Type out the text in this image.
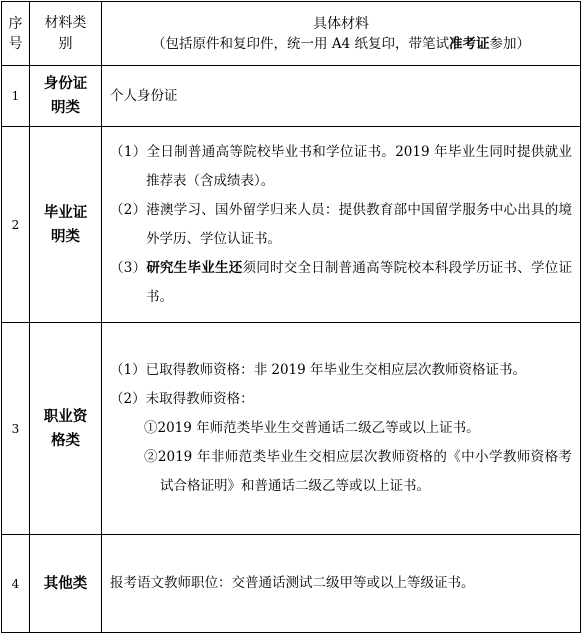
序号	材料类别	具体材料
（包括原件和复印件，统一用 A4 纸复印，带笔试准考证参加）

1	身份证明类	个人身份证

2	毕业证明类	（1）全日制普通高等院校毕业书和学位证书。2019 年毕业生同时提供就业推荐表（含成绩表）。
（2）港澳学习、国外留学归来人员：提供教育部中国留学服务中心出具的境外学历、学位认证书。
（3）研究生毕业生还须同时交全日制普通高等院校本科段学历证书、学位证书。

3	职业资格类	（1）已取得教师资格：非 2019 年毕业生交相应层次教师资格证书。
（2）未取得教师资格：
①2019 年师范类毕业生交普通话二级乙等或以上证书。
②2019 年非师范类毕业生交相应层次教师资格的《中小学教师资格考试合格证明》和普通话二级乙等或以上证书。

4	其他类	报考语文教师职位：交普通话测试二级甲等或以上等级证书。
